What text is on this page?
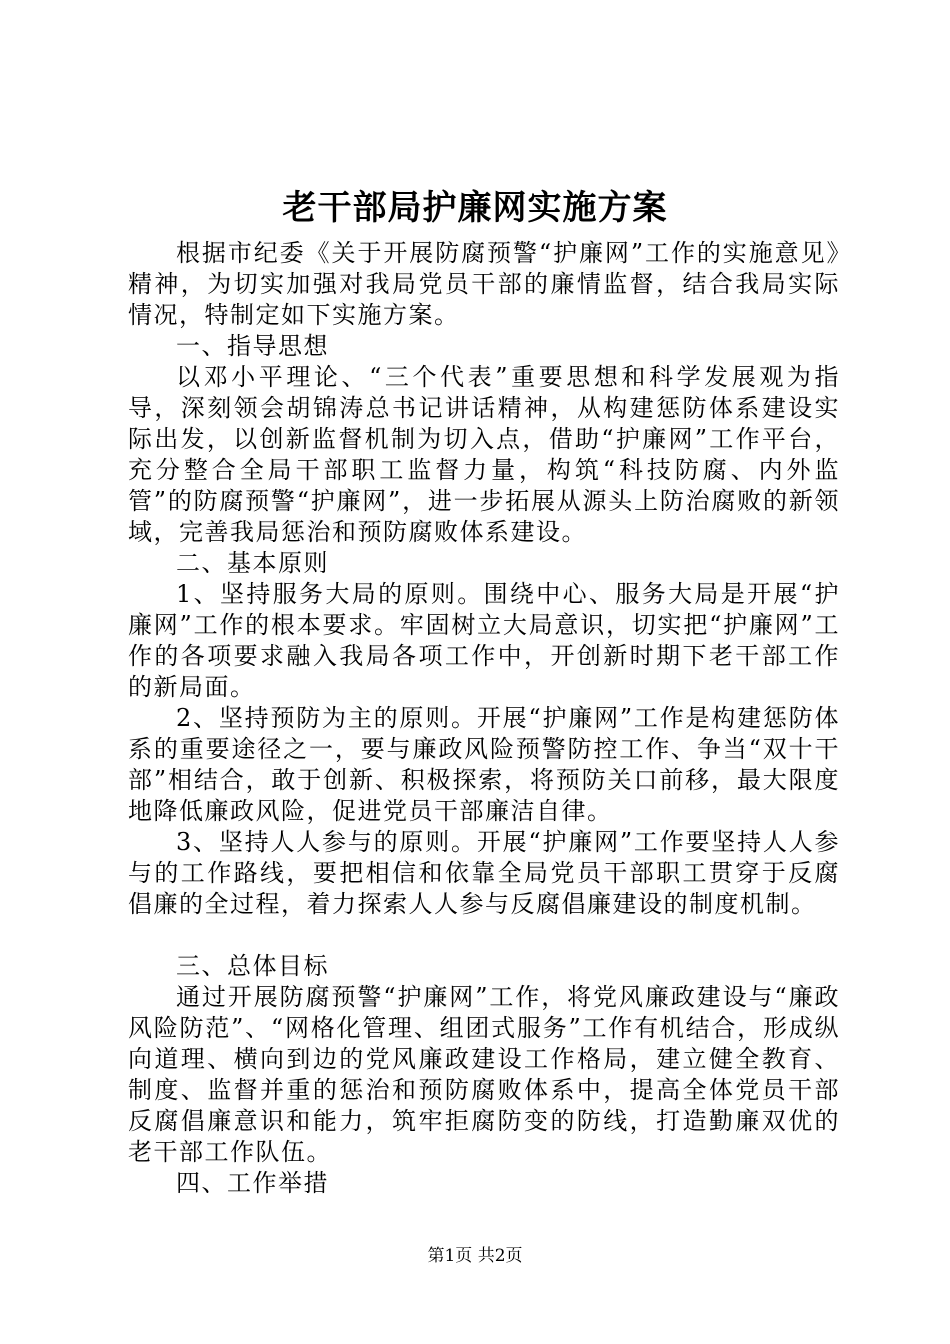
老干部局护廉网实施方案

根据市纪委《关于开展防腐预警“护廉网”工作的实施意见》精神，为切实加强对我局党员干部的廉情监督，结合我局实际情况，特制定如下实施方案。

一、指导思想

以邓小平理论、“三个代表”重要思想和科学发展观为指导，深刻领会胡锦涛总书记讲话精神，从构建惩防体系建设实际出发，以创新监督机制为切入点，借助“护廉网”工作平台，充分整合全局干部职工监督力量，构筑“科技防腐、内外监管”的防腐预警“护廉网”，进一步拓展从源头上防治腐败的新领域，完善我局惩治和预防腐败体系建设。

二、基本原则

1、坚持服务大局的原则。围绕中心、服务大局是开展“护廉网”工作的根本要求。牢固树立大局意识，切实把“护廉网”工作的各项要求融入我局各项工作中，开创新时期下老干部工作的新局面。

2、坚持预防为主的原则。开展“护廉网”工作是构建惩防体系的重要途径之一，要与廉政风险预警防控工作、争当“双十干部”相结合，敢于创新、积极探索，将预防关口前移，最大限度地降低廉政风险，促进党员干部廉洁自律。

3、坚持人人参与的原则。开展“护廉网”工作要坚持人人参与的工作路线，要把相信和依靠全局党员干部职工贯穿于反腐倡廉的全过程，着力探索人人参与反腐倡廉建设的制度机制。

三、总体目标

通过开展防腐预警“护廉网”工作，将党风廉政建设与“廉政风险防范”、“网格化管理、组团式服务”工作有机结合，形成纵向道理、横向到边的党风廉政建设工作格局，建立健全教育、制度、监督并重的惩治和预防腐败体系中，提高全体党员干部反腐倡廉意识和能力，筑牢拒腐防变的防线，打造勤廉双优的老干部工作队伍。

四、工作举措

第1页 共2页
